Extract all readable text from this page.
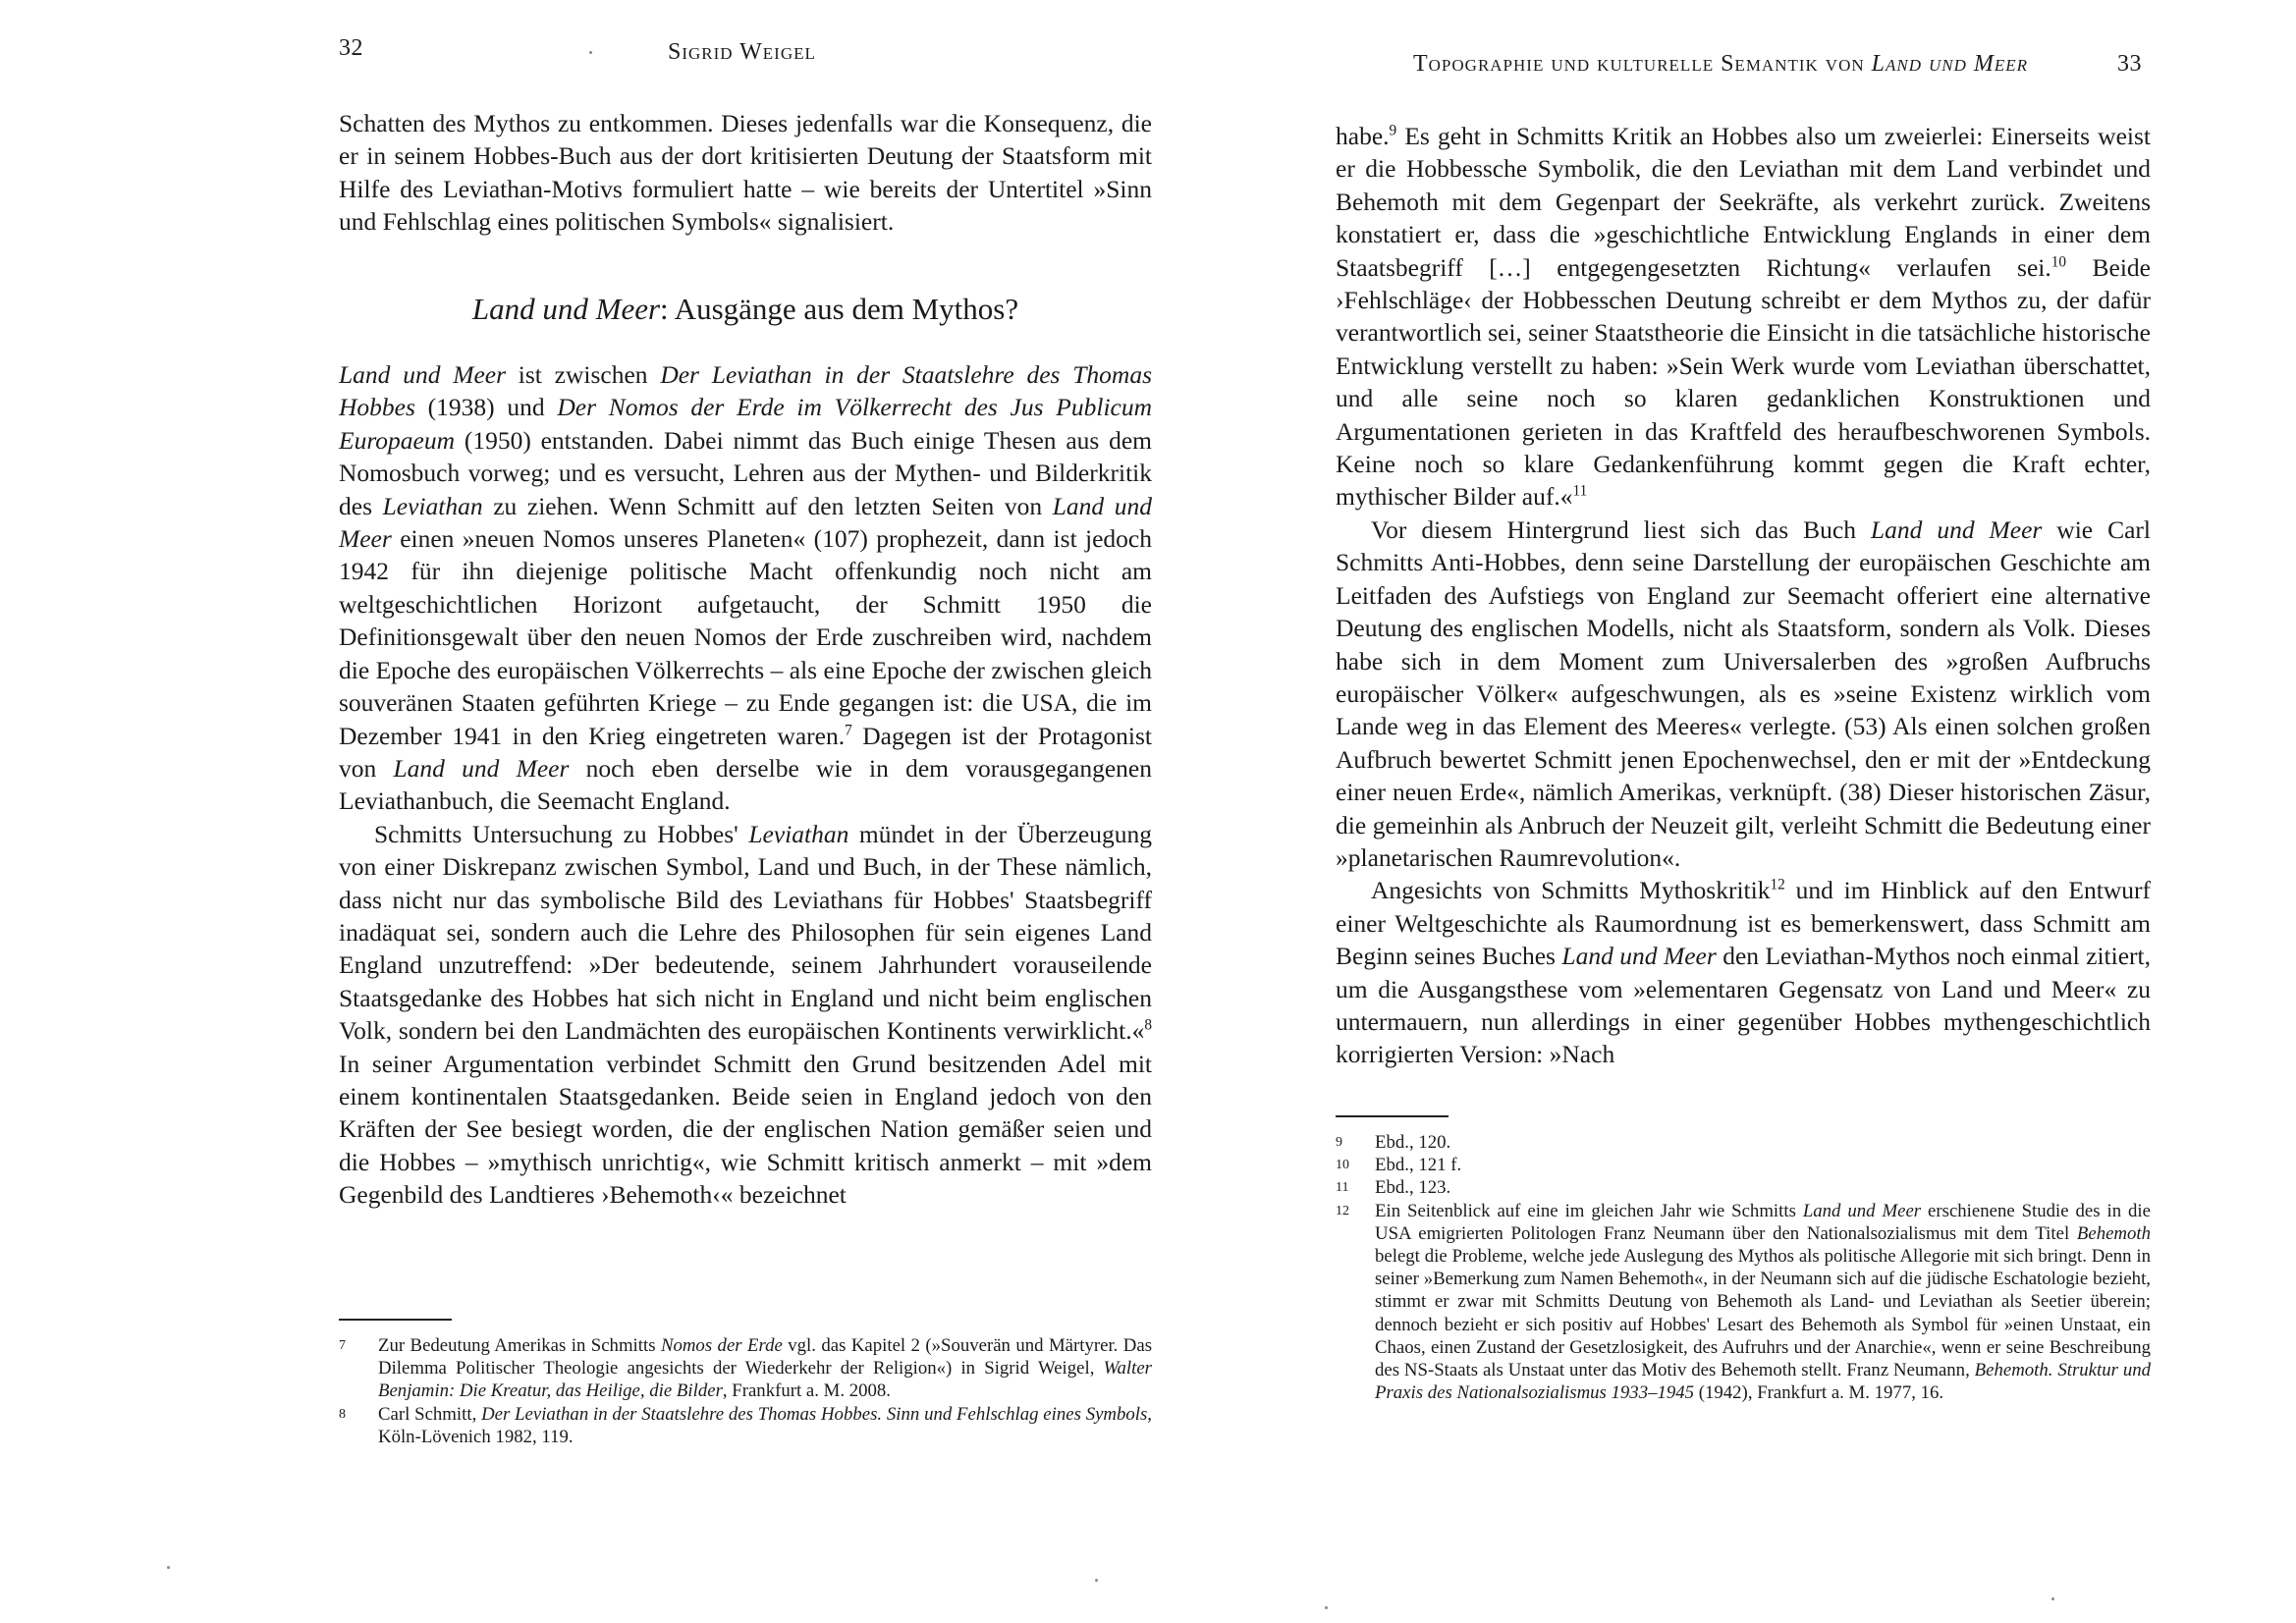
32	Sigrid Weigel

Schatten des Mythos zu entkommen. Dieses jedenfalls war die Konsequenz, die er in seinem Hobbes-Buch aus der dort kritisierten Deutung der Staatsform mit Hilfe des Leviathan-Motivs formuliert hatte – wie bereits der Untertitel »Sinn und Fehlschlag eines politischen Symbols« signalisiert.

Land und Meer: Ausgänge aus dem Mythos?

Land und Meer ist zwischen Der Leviathan in der Staatslehre des Thomas Hobbes (1938) und Der Nomos der Erde im Völkerrecht des Jus Publicum Europaeum (1950) entstanden. Dabei nimmt das Buch einige Thesen aus dem Nomosbuch vorweg; und es versucht, Lehren aus der Mythen- und Bilderkritik des Leviathan zu ziehen. Wenn Schmitt auf den letzten Seiten von Land und Meer einen »neuen Nomos unseres Planeten« (107) prophezeit, dann ist jedoch 1942 für ihn diejenige politische Macht offenkundig noch nicht am weltgeschichtlichen Horizont aufgetaucht, der Schmitt 1950 die Definitionsgewalt über den neuen Nomos der Erde zuschreiben wird, nachdem die Epoche des europäischen Völkerrechts – als eine Epoche der zwischen gleich souveränen Staaten geführten Kriege – zu Ende gegangen ist: die USA, die im Dezember 1941 in den Krieg eingetreten waren.$^7$ Dagegen ist der Protagonist von Land und Meer noch eben derselbe wie in dem vorausgegangenen Leviathanbuch, die Seemacht England.

Schmitts Untersuchung zu Hobbes' Leviathan mündet in der Überzeugung von einer Diskrepanz zwischen Symbol, Land und Buch, in der These nämlich, dass nicht nur das symbolische Bild des Leviathans für Hobbes' Staatsbegriff inadäquat sei, sondern auch die Lehre des Philosophen für sein eigenes Land England unzutreffend: »Der bedeutende, seinem Jahrhundert vorauseilende Staatsgedanke des Hobbes hat sich nicht in England und nicht beim englischen Volk, sondern bei den Landmächten des europäischen Kontinents verwirklicht.«$^8$ In seiner Argumentation verbindet Schmitt den Grund besitzenden Adel mit einem kontinentalen Staatsgedanken. Beide seien in England jedoch von den Kräften der See besiegt worden, die der englischen Nation gemäßer seien und die Hobbes – »mythisch unrichtig«, wie Schmitt kritisch anmerkt – mit »dem Gegenbild des Landtieres ›Behemoth‹« bezeichnet

7	Zur Bedeutung Amerikas in Schmitts Nomos der Erde vgl. das Kapitel 2 (»Souverän und Märtyrer. Das Dilemma Politischer Theologie angesichts der Wiederkehr der Religion«) in Sigrid Weigel, Walter Benjamin: Die Kreatur, das Heilige, die Bilder, Frankfurt a. M. 2008.
8	Carl Schmitt, Der Leviathan in der Staatslehre des Thomas Hobbes. Sinn und Fehlschlag eines Symbols, Köln-Lövenich 1982, 119.
Topographie und kulturelle Semantik von Land und Meer	33

habe.$^9$ Es geht in Schmitts Kritik an Hobbes also um zweierlei: Einerseits weist er die Hobbessche Symbolik, die den Leviathan mit dem Land verbindet und Behemoth mit dem Gegenpart der Seekräfte, als verkehrt zurück. Zweitens konstatiert er, dass die »geschichtliche Entwicklung Englands in einer dem Staatsbegriff […] entgegengesetzten Richtung« verlaufen sei.$^{10}$ Beide ›Fehlschläge‹ der Hobbesschen Deutung schreibt er dem Mythos zu, der dafür verantwortlich sei, seiner Staatstheorie die Einsicht in die tatsächliche historische Entwicklung verstellt zu haben: »Sein Werk wurde vom Leviathan überschattet, und alle seine noch so klaren gedanklichen Konstruktionen und Argumentationen gerieten in das Kraftfeld des heraufbeschworenen Symbols. Keine noch so klare Gedankenführung kommt gegen die Kraft echter, mythischer Bilder auf.«$^{11}$

Vor diesem Hintergrund liest sich das Buch Land und Meer wie Carl Schmitts Anti-Hobbes, denn seine Darstellung der europäischen Geschichte am Leitfaden des Aufstiegs von England zur Seemacht offeriert eine alternative Deutung des englischen Modells, nicht als Staatsform, sondern als Volk. Dieses habe sich in dem Moment zum Universalerben des »großen Aufbruchs europäischer Völker« aufgeschwungen, als es »seine Existenz wirklich vom Lande weg in das Element des Meeres« verlegte. (53) Als einen solchen großen Aufbruch bewertet Schmitt jenen Epochenwechsel, den er mit der »Entdeckung einer neuen Erde«, nämlich Amerikas, verknüpft. (38) Dieser historischen Zäsur, die gemeinhin als Anbruch der Neuzeit gilt, verleiht Schmitt die Bedeutung einer »planetarischen Raumrevolution«.

Angesichts von Schmitts Mythoskritik$^{12}$ und im Hinblick auf den Entwurf einer Weltgeschichte als Raumordnung ist es bemerkenswert, dass Schmitt am Beginn seines Buches Land und Meer den Leviathan-Mythos noch einmal zitiert, um die Ausgangsthese vom »elementaren Gegensatz von Land und Meer« zu untermauern, nun allerdings in einer gegenüber Hobbes mythengeschichtlich korrigierten Version: »Nach

9	Ebd., 120.
10	Ebd., 121 f.
11	Ebd., 123.
12	Ein Seitenblick auf eine im gleichen Jahr wie Schmitts Land und Meer erschienene Studie des in die USA emigrierten Politologen Franz Neumann über den Nationalsozialismus mit dem Titel Behemoth belegt die Probleme, welche jede Auslegung des Mythos als politische Allegorie mit sich bringt. Denn in seiner »Bemerkung zum Namen Behemoth«, in der Neumann sich auf die jüdische Eschatologie bezieht, stimmt er zwar mit Schmitts Deutung von Behemoth als Land- und Leviathan als Seetier überein; dennoch bezieht er sich positiv auf Hobbes' Lesart des Behemoth als Symbol für »einen Unstaat, ein Chaos, einen Zustand der Gesetzlosigkeit, des Aufruhrs und der Anarchie«, wenn er seine Beschreibung des NS-Staats als Unstaat unter das Motiv des Behemoth stellt. Franz Neumann, Behemoth. Struktur und Praxis des Nationalsozialismus 1933–1945 (1942), Frankfurt a. M. 1977, 16.
